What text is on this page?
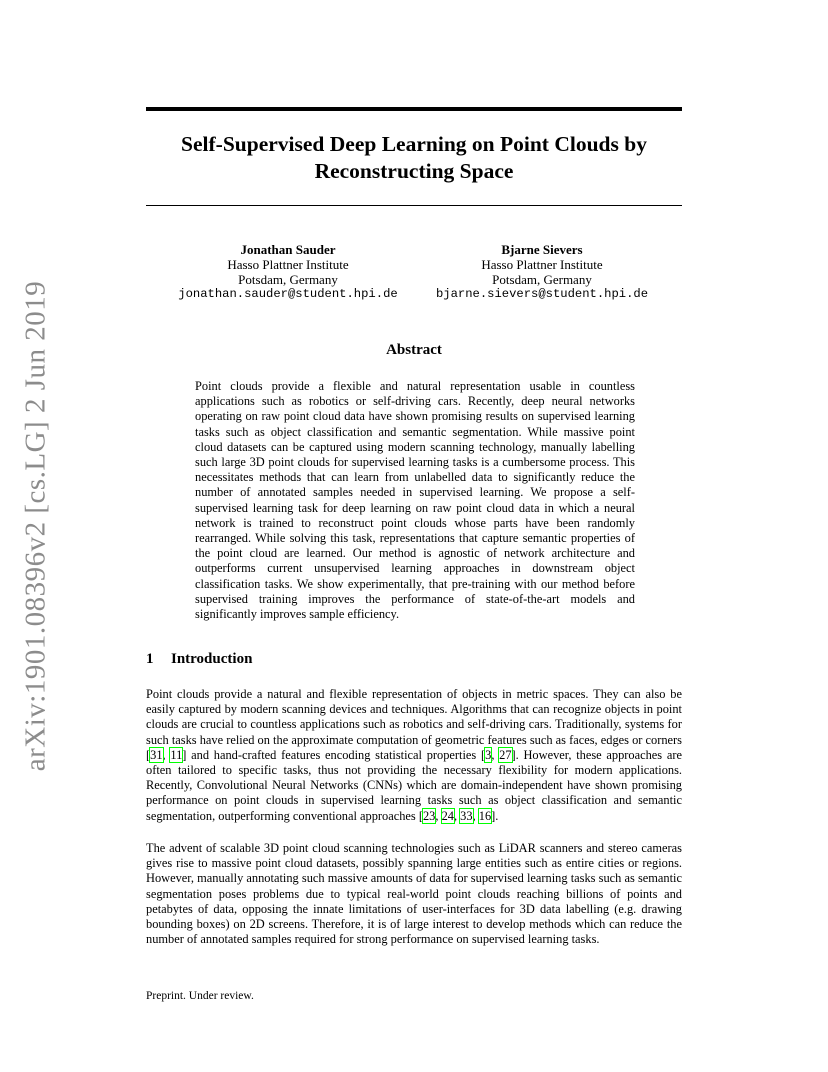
arXiv:1901.08396v2 [cs.LG] 2 Jun 2019
Self-Supervised Deep Learning on Point Clouds by
Reconstructing Space
Jonathan Sauder
Hasso Plattner Institute
Potsdam, Germany
jonathan.sauder@student.hpi.de
Bjarne Sievers
Hasso Plattner Institute
Potsdam, Germany
bjarne.sievers@student.hpi.de
Abstract
Point clouds provide a flexible and natural representation usable in countless applications such as robotics or self-driving cars. Recently, deep neural networks operating on raw point cloud data have shown promising results on supervised learning tasks such as object classification and semantic segmentation. While massive point cloud datasets can be captured using modern scanning technology, manually labelling such large 3D point clouds for supervised learning tasks is a cumbersome process. This necessitates methods that can learn from unlabelled data to significantly reduce the number of annotated samples needed in supervised learning. We propose a self-supervised learning task for deep learning on raw point cloud data in which a neural network is trained to reconstruct point clouds whose parts have been randomly rearranged. While solving this task, representations that capture semantic properties of the point cloud are learned. Our method is agnostic of network architecture and outperforms current unsupervised learning approaches in downstream object classification tasks. We show experimentally, that pre-training with our method before supervised training improves the performance of state-of-the-art models and significantly improves sample efficiency.
1 Introduction
Point clouds provide a natural and flexible representation of objects in metric spaces. They can also be easily captured by modern scanning devices and techniques. Algorithms that can recognize objects in point clouds are crucial to countless applications such as robotics and self-driving cars. Traditionally, systems for such tasks have relied on the approximate computation of geometric features such as faces, edges or corners [31, 11] and hand-crafted features encoding statistical properties [3, 27]. However, these approaches are often tailored to specific tasks, thus not providing the necessary flexibility for modern applications. Recently, Convolutional Neural Networks (CNNs) which are domain-independent have shown promising performance on point clouds in supervised learning tasks such as object classification and semantic segmentation, outperforming conventional approaches [23, 24, 33, 16].
The advent of scalable 3D point cloud scanning technologies such as LiDAR scanners and stereo cameras gives rise to massive point cloud datasets, possibly spanning large entities such as entire cities or regions. However, manually annotating such massive amounts of data for supervised learning tasks such as semantic segmentation poses problems due to typical real-world point clouds reaching billions of points and petabytes of data, opposing the innate limitations of user-interfaces for 3D data labelling (e.g. drawing bounding boxes) on 2D screens. Therefore, it is of large interest to develop methods which can reduce the number of annotated samples required for strong performance on supervised learning tasks.
Preprint. Under review.
